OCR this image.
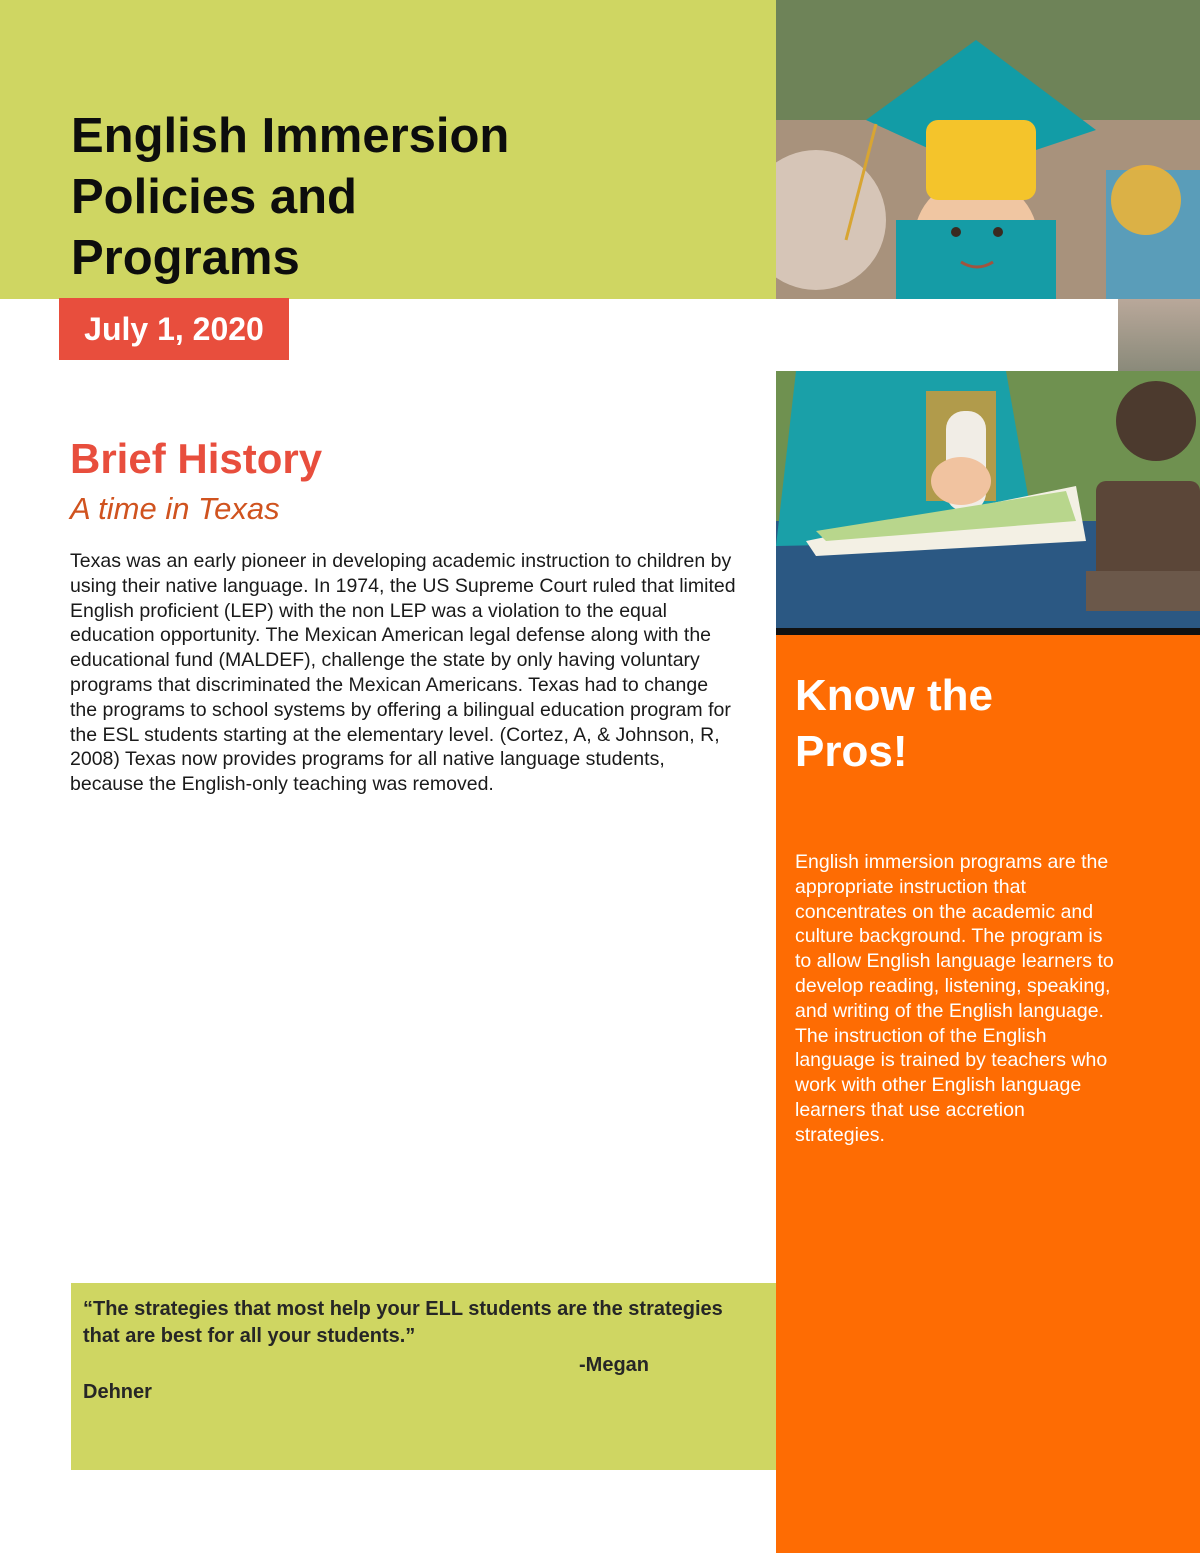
English Immersion
Policies and
Programs
July 1, 2020
Brief History
A time in Texas

Texas was an early pioneer in developing academic instruction to children by using their native language. In 1974, the US Supreme Court ruled that limited English proficient (LEP) with the non LEP was a violation to the equal education opportunity. The Mexican American legal defense along with the educational fund (MALDEF), challenge the state by only having voluntary programs that discriminated the Mexican Americans. Texas had to change the programs to school systems by offering a bilingual education program for the ESL students starting at the elementary level. (Cortez, A, & Johnson, R, 2008) Texas now provides programs for all native language students, because the English-only teaching was removed.

Know the
Pros!

English immersion programs are the appropriate instruction that concentrates on the academic and culture background. The program is to allow English language learners to develop reading, listening, speaking, and writing of the English language. The instruction of the English language is trained by teachers who work with other English language learners that use accretion strategies.

“The strategies that most help your ELL students are the strategies that are best for all your students.”

-Megan

Dehner
